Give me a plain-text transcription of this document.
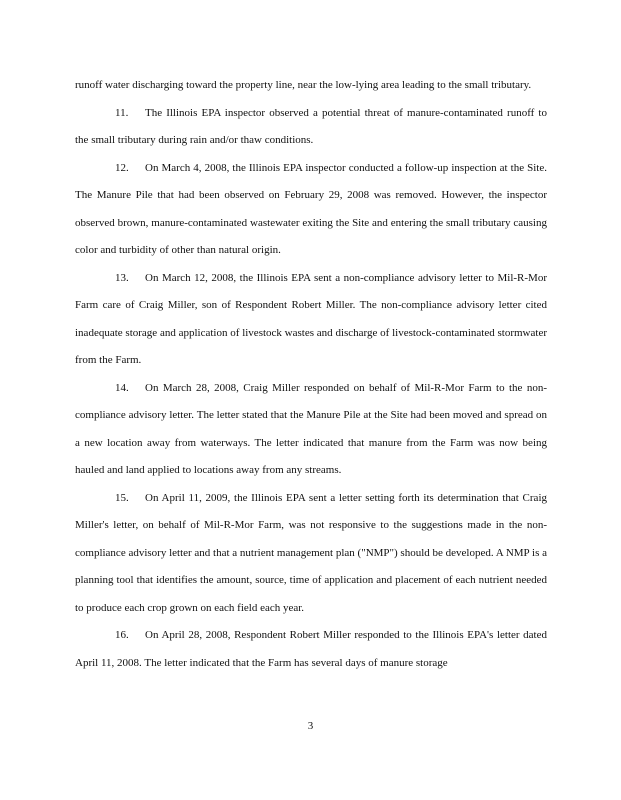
runoff water discharging toward the property line, near the low-lying area leading to the small tributary.

11. The Illinois EPA inspector observed a potential threat of manure-contaminated runoff to the small tributary during rain and/or thaw conditions.

12. On March 4, 2008, the Illinois EPA inspector conducted a follow-up inspection at the Site. The Manure Pile that had been observed on February 29, 2008 was removed. However, the inspector observed brown, manure-contaminated wastewater exiting the Site and entering the small tributary causing color and turbidity of other than natural origin.

13. On March 12, 2008, the Illinois EPA sent a non-compliance advisory letter to Mil-R-Mor Farm care of Craig Miller, son of Respondent Robert Miller. The non-compliance advisory letter cited inadequate storage and application of livestock wastes and discharge of livestock-contaminated stormwater from the Farm.

14. On March 28, 2008, Craig Miller responded on behalf of Mil-R-Mor Farm to the non-compliance advisory letter. The letter stated that the Manure Pile at the Site had been moved and spread on a new location away from waterways. The letter indicated that manure from the Farm was now being hauled and land applied to locations away from any streams.

15. On April 11, 2009, the Illinois EPA sent a letter setting forth its determination that Craig Miller's letter, on behalf of Mil-R-Mor Farm, was not responsive to the suggestions made in the non-compliance advisory letter and that a nutrient management plan ("NMP") should be developed. A NMP is a planning tool that identifies the amount, source, time of application and placement of each nutrient needed to produce each crop grown on each field each year.

16. On April 28, 2008, Respondent Robert Miller responded to the Illinois EPA's letter dated April 11, 2008. The letter indicated that the Farm has several days of manure storage

3
